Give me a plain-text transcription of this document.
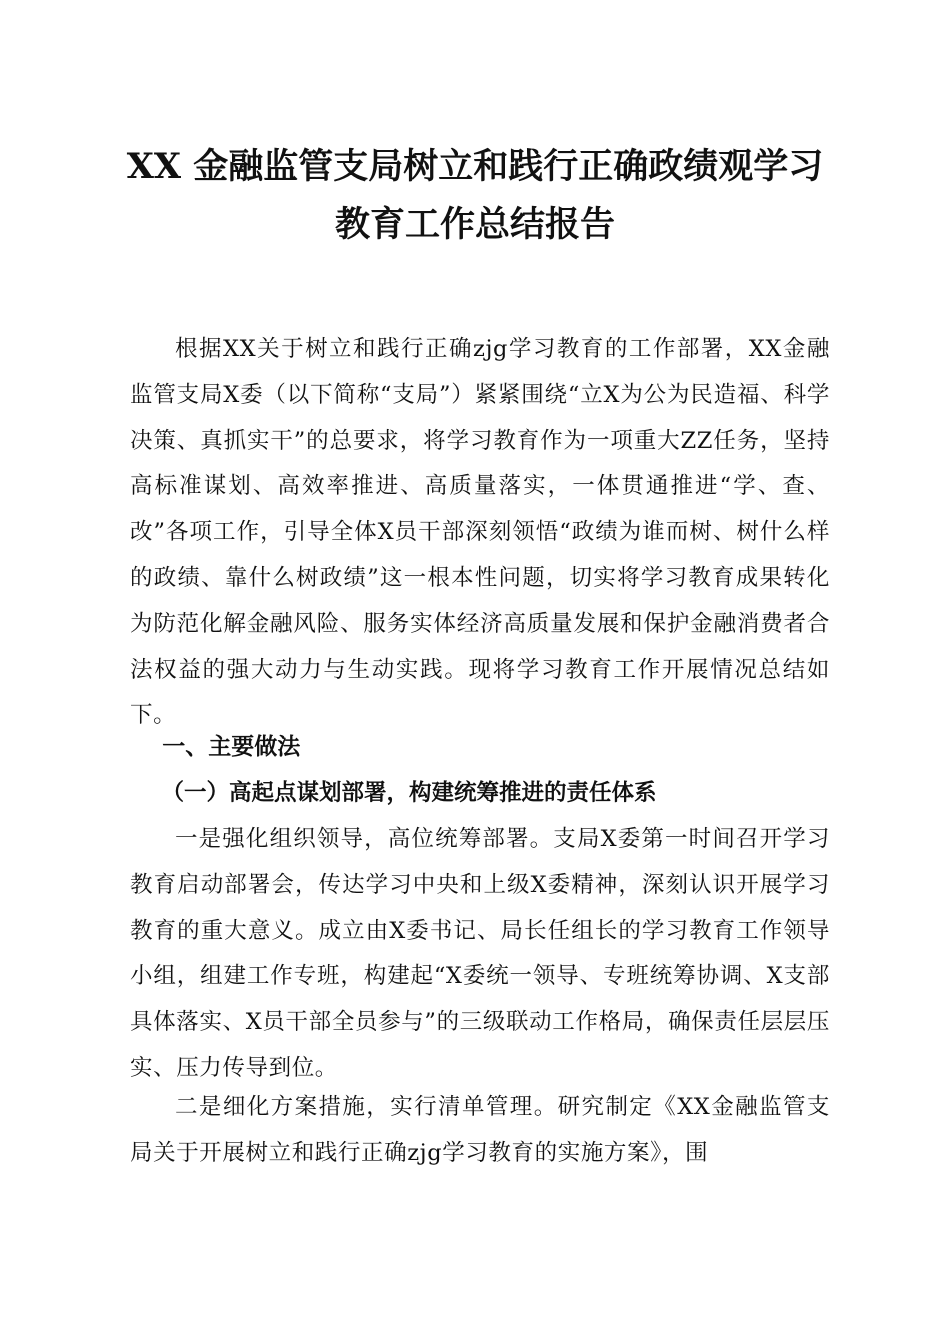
XX 金融监管支局树立和践行正确政绩观学习
教育工作总结报告

根据XX关于树立和践行正确zjg学习教育的工作部署，XX金融监管支局X委（以下简称“支局”）紧紧围绕“立X为公为民造福、科学决策、真抓实干”的总要求，将学习教育作为一项重大ZZ任务，坚持高标准谋划、高效率推进、高质量落实，一体贯通推进“学、查、改”各项工作，引导全体X员干部深刻领悟“政绩为谁而树、树什么样的政绩、靠什么树政绩”这一根本性问题，切实将学习教育成果转化为防范化解金融风险、服务实体经济高质量发展和保护金融消费者合法权益的强大动力与生动实践。现将学习教育工作开展情况总结如下。

一、主要做法
（一）高起点谋划部署，构建统筹推进的责任体系

一是强化组织领导，高位统筹部署。支局X委第一时间召开学习教育启动部署会，传达学习中央和上级X委精神，深刻认识开展学习教育的重大意义。成立由X委书记、局长任组长的学习教育工作领导小组，组建工作专班，构建起“X委统一领导、专班统筹协调、X支部具体落实、X员干部全员参与”的三级联动工作格局，确保责任层层压实、压力传导到位。

二是细化方案措施，实行清单管理。研究制定《XX金融监管支局关于开展树立和践行正确zjg学习教育的实施方案》，围
